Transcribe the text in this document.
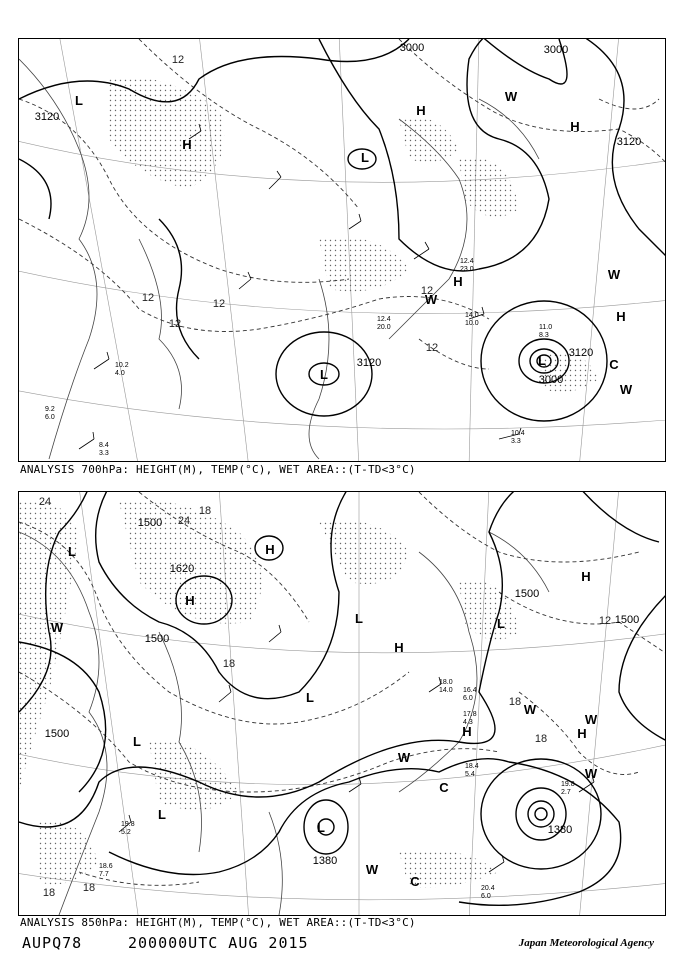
3000	3000
3120
3120
3120
3120
3000
12
12	12
12
12
12
L
L
H
L
H
L
H
H
W
W
C
W
W
H
10.4
3.3
14.0
10.0
12.4
20.0
10.2
4.0
9.2
6.0
8.4
3.3
11.0
8.3
12.4
23.0
ANALYSIS 700hPa: HEIGHT(M), TEMP(°C), WET AREA::(T-TD<3°C)
1500
1500
1500
1500
1500
1620
1380
1380
24
24
18
18
12
18
18
18
18
L	H
H
L	L
L
L
L
H
H
H	H
W
W
W
C
L
W
W
W
C	19.8
2.7
20.4
6.0
18.4
5.4
17.8
4.3
18.0
14.0 16.4
6.0
19.8
5.2
18.6
7.7
ANALYSIS 850hPa: HEIGHT(M), TEMP(°C), WET AREA::(T-TD<3°C)
AUPQ78	200000UTC AUG 2015	Japan Meteorological Agency
